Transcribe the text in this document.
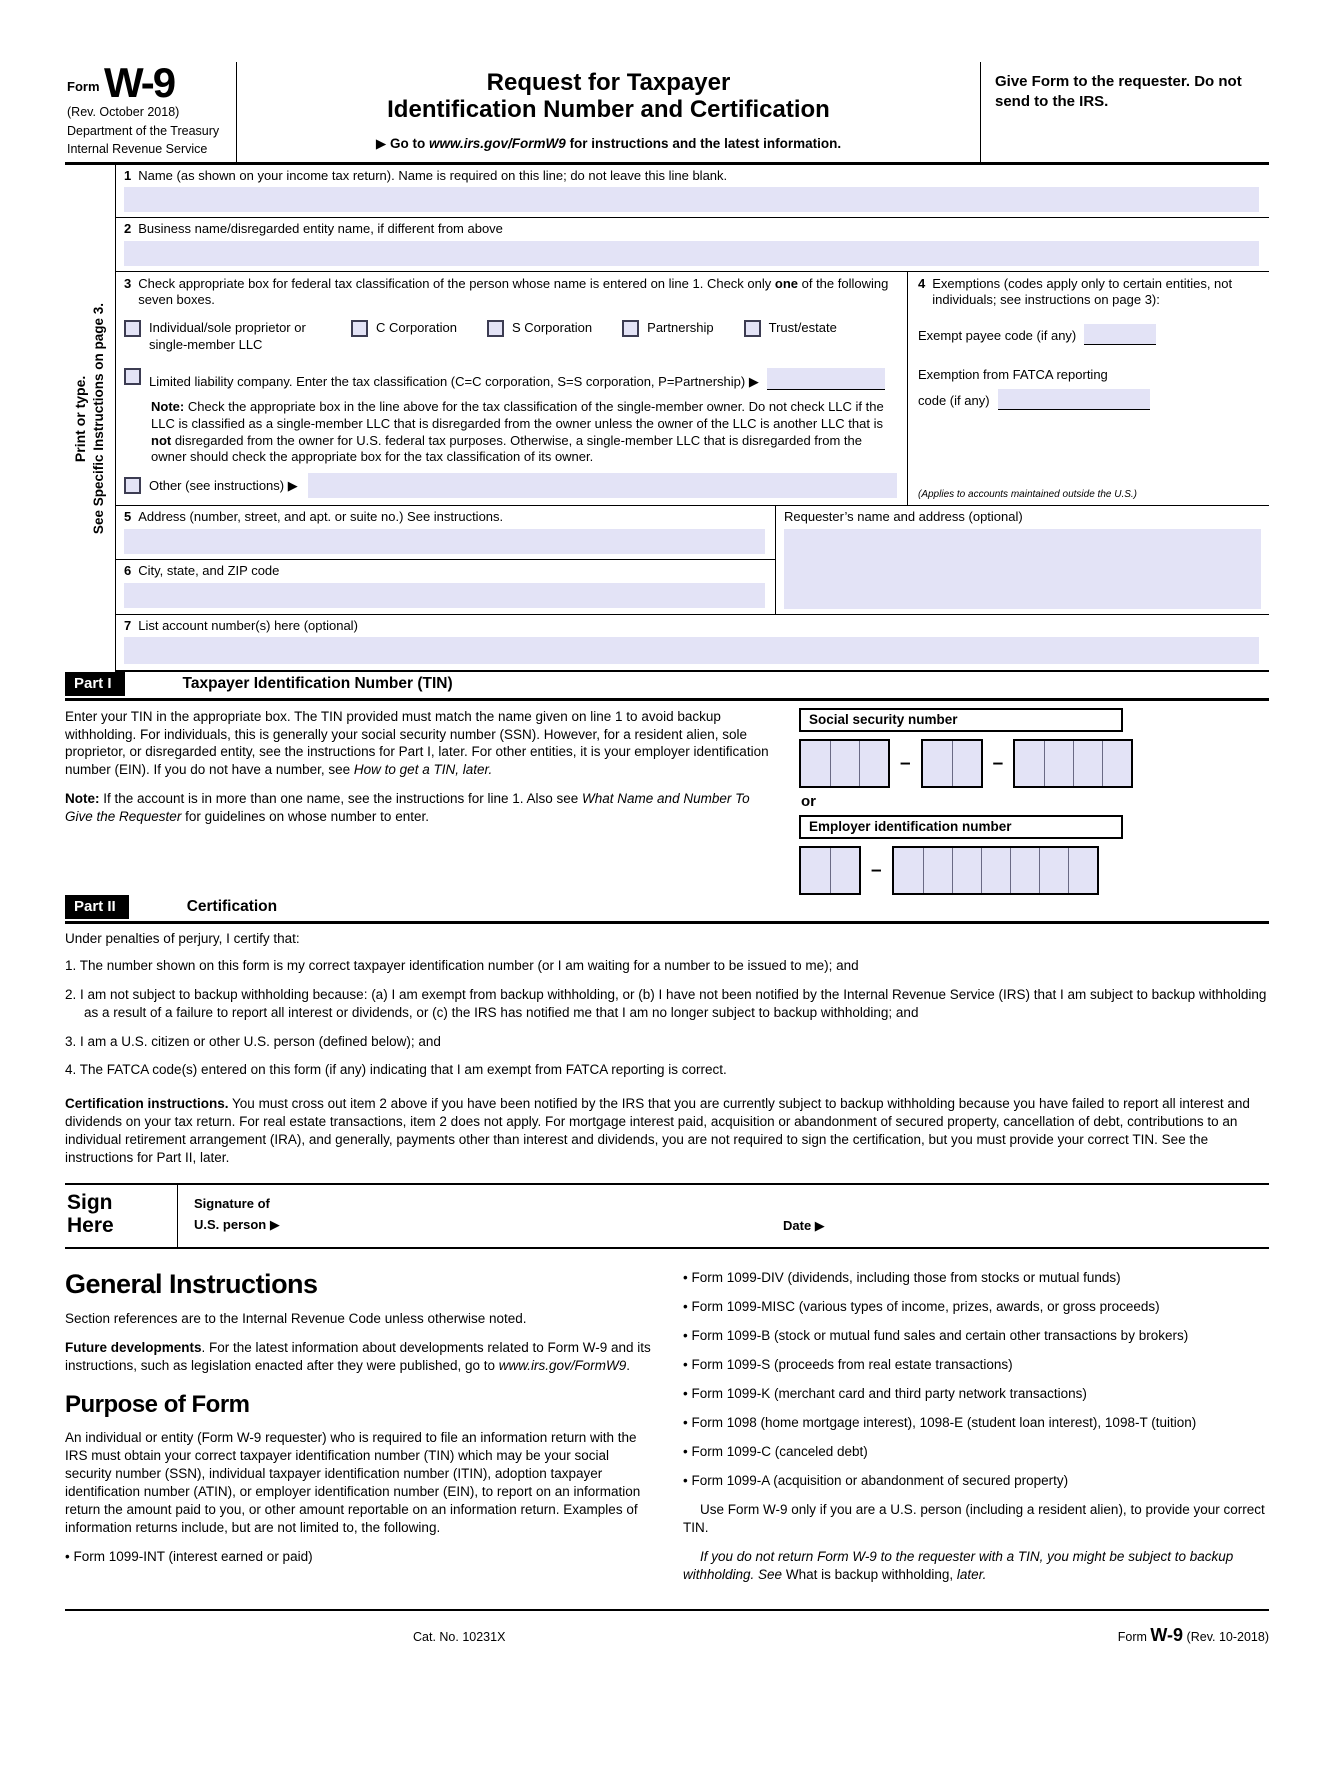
$^{Form}$ W-9
(Rev. October 2018)
Department of the Treasury
Internal Revenue Service
Request for Taxpayer
Identification Number and Certification
▶ Go to www.irs.gov/FormW9 for instructions and the latest information.
Give Form to the requester. Do not send to the IRS.
Print or type. See Specific Instructions on page 3.
1 Name (as shown on your income tax return). Name is required on this line; do not leave this line blank.
2 Business name/disregarded entity name, if different from above
3 Check appropriate box for federal tax classification of the person whose name is entered on line 1. Check only one of the following seven boxes.
Individual/sole proprietor or single-member LLC
C Corporation	S Corporation	Partnership	Trust/estate
Limited liability company. Enter the tax classification (C=C corporation, S=S corporation, P=Partnership) ▶
Note: Check the appropriate box in the line above for the tax classification of the single-member owner. Do not check LLC if the LLC is classified as a single-member LLC that is disregarded from the owner unless the owner of the LLC is another LLC that is not disregarded from the owner for U.S. federal tax purposes. Otherwise, a single-member LLC that is disregarded from the owner should check the appropriate box for the tax classification of its owner.
Other (see instructions) ▶
4 Exemptions (codes apply only to certain entities, not individuals; see instructions on page 3):
Exempt payee code (if any)
Exemption from FATCA reporting
code (if any)
(Applies to accounts maintained outside the U.S.)
5 Address (number, street, and apt. or suite no.) See instructions.
6 City, state, and ZIP code
Requester’s name and address (optional)
7 List account number(s) here (optional)
Part I	Taxpayer Identification Number (TIN)

Enter your TIN in the appropriate box. The TIN provided must match the name given on line 1 to avoid backup withholding. For individuals, this is generally your social security number (SSN). However, for a resident alien, sole proprietor, or disregarded entity, see the instructions for Part I, later. For other entities, it is your employer identification number (EIN). If you do not have a number, see How to get a TIN, later.

Note: If the account is in more than one name, see the instructions for line 1. Also see What Name and Number To Give the Requester for guidelines on whose number to enter.

Social security number
–	–
or
Employer identification number
–
Part II	Certification
Under penalties of perjury, I certify that:
1. The number shown on this form is my correct taxpayer identification number (or I am waiting for a number to be issued to me); and
2. I am not subject to backup withholding because: (a) I am exempt from backup withholding, or (b) I have not been notified by the Internal Revenue Service (IRS) that I am subject to backup withholding as a result of a failure to report all interest or dividends, or (c) the IRS has notified me that I am no longer subject to backup withholding; and
3. I am a U.S. citizen or other U.S. person (defined below); and
4. The FATCA code(s) entered on this form (if any) indicating that I am exempt from FATCA reporting is correct.
Certification instructions. You must cross out item 2 above if you have been notified by the IRS that you are currently subject to backup withholding because you have failed to report all interest and dividends on your tax return. For real estate transactions, item 2 does not apply. For mortgage interest paid, acquisition or abandonment of secured property, cancellation of debt, contributions to an individual retirement arrangement (IRA), and generally, payments other than interest and dividends, you are not required to sign the certification, but you must provide your correct TIN. See the instructions for Part II, later.
Sign
Here
Signature of
U.S. person ▶	Date ▶
General Instructions

Section references are to the Internal Revenue Code unless otherwise noted.

Future developments. For the latest information about developments related to Form W-9 and its instructions, such as legislation enacted after they were published, go to www.irs.gov/FormW9.

Purpose of Form

An individual or entity (Form W-9 requester) who is required to file an information return with the IRS must obtain your correct taxpayer identification number (TIN) which may be your social security number (SSN), individual taxpayer identification number (ITIN), adoption taxpayer identification number (ATIN), or employer identification number (EIN), to report on an information return the amount paid to you, or other amount reportable on an information return. Examples of information returns include, but are not limited to, the following.

• Form 1099-INT (interest earned or paid)

• Form 1099-DIV (dividends, including those from stocks or mutual funds)

• Form 1099-MISC (various types of income, prizes, awards, or gross proceeds)

• Form 1099-B (stock or mutual fund sales and certain other transactions by brokers)

• Form 1099-S (proceeds from real estate transactions)

• Form 1099-K (merchant card and third party network transactions)

• Form 1098 (home mortgage interest), 1098-E (student loan interest), 1098-T (tuition)

• Form 1099-C (canceled debt)

• Form 1099-A (acquisition or abandonment of secured property)

Use Form W-9 only if you are a U.S. person (including a resident alien), to provide your correct TIN.

If you do not return Form W-9 to the requester with a TIN, you might be subject to backup withholding. See What is backup withholding, later.

Cat. No. 10231X	Form W-9 (Rev. 10-2018)
